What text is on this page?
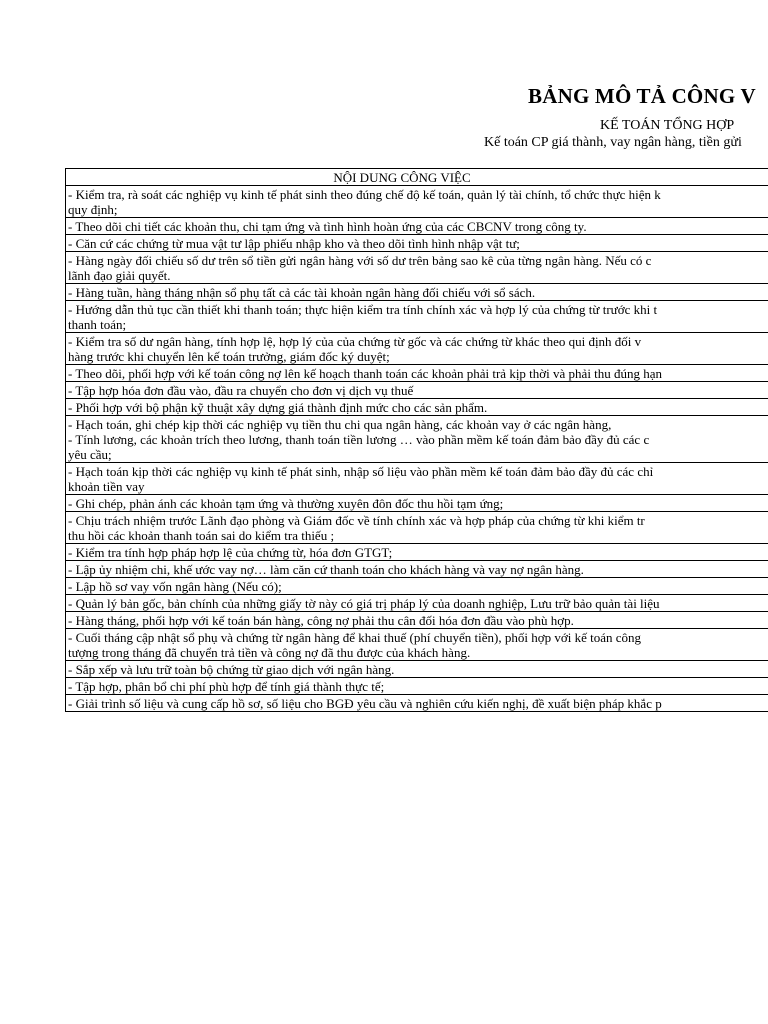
BẢNG MÔ TẢ CÔNG V
KẾ TOÁN TỔNG HỢP
Kế toán CP giá thành, vay ngân hàng, tiền gửi
NỘI DUNG CÔNG VIỆC
- Kiểm tra, rà soát các nghiệp vụ kinh tế phát sinh theo đúng chế độ kế toán, quản lý tài chính, tổ chức thực hiện k
quy định;
- Theo dõi chi tiết các khoản thu, chi tạm ứng và tình hình hoàn ứng của các CBCNV trong công ty.
- Căn cứ các chứng từ mua vật tư lập phiếu nhập kho và theo dõi tình hình nhập vật tư;
- Hàng ngày đối chiếu số dư trên sổ tiền gửi ngân hàng với số dư trên bảng sao kê của từng ngân hàng. Nếu có c
lãnh đạo giải quyết.
- Hàng tuần, hàng tháng nhận sổ phụ tất cả các tài khoản ngân hàng đối chiếu với sổ sách.
- Hướng dẫn thủ tục cần thiết khi thanh toán; thực hiện kiểm tra tính chính xác và hợp lý của chứng từ trước khi t
thanh toán;
- Kiểm tra số dư ngân hàng, tính hợp lệ, hợp lý của của chứng từ gốc và các chứng từ khác theo qui định đối v
hàng trước khi chuyển lên kế toán trưởng, giám đốc ký duyệt;
- Theo dõi, phối hợp với kế toán công nợ lên kế hoạch thanh toán các khoản phải trả kịp thời và phải thu đúng hạn
- Tập hợp hóa đơn đầu vào, đầu ra chuyển cho đơn vị dịch vụ thuế
- Phối hợp với bộ phận kỹ thuật xây dựng giá thành định mức cho các sản phẩm.
- Hạch toán, ghi chép kịp thời các nghiệp vụ tiền thu chi qua ngân hàng, các khoản vay ở các ngân hàng,
- Tính lương, các khoản trích theo lương, thanh toán tiền lương … vào phần mềm kế toán đảm bảo đầy đủ các c
yêu cầu;
- Hạch toán kịp thời các nghiệp vụ kinh tế phát sinh, nhập số liệu vào phần mềm kế toán đảm bảo đầy đủ các chỉ
khoản tiền vay
- Ghi chép, phản ánh các khoản tạm ứng và thường xuyên đôn đốc thu hồi tạm ứng;
- Chịu trách nhiệm trước Lãnh đạo phòng và Giám đốc về tính chính xác và hợp pháp của chứng từ khi kiểm tr
thu hồi các khoản thanh toán sai do kiểm tra thiếu ;
- Kiểm tra tính hợp pháp hợp lệ của chứng từ, hóa đơn GTGT;
- Lập ủy nhiệm chi, khế ước vay nợ… làm căn cứ thanh toán cho khách hàng và vay nợ ngân hàng.
- Lập hồ sơ vay vốn ngân hàng (Nếu có);
- Quản lý bản gốc, bản chính của những giấy tờ này có giá trị pháp lý của doanh nghiệp, Lưu trữ bảo quản tài liệu
- Hàng tháng, phối hợp với kế toán bán hàng, công nợ phải thu cân đối hóa đơn đầu vào phù hợp.
- Cuối tháng cập nhật sổ phụ và chứng từ ngân hàng để khai thuế (phí chuyển tiền), phối hợp với kế toán công
tượng trong tháng đã chuyển trả tiền và công nợ đã thu được của khách hàng.
- Sắp xếp và lưu trữ toàn bộ chứng từ giao dịch với ngân hàng.
- Tập hợp, phân bổ chi phí phù hợp để tính giá thành thực tế;
- Giải trình số liệu và cung cấp hồ sơ, số liệu cho BGĐ yêu cầu và nghiên cứu kiến nghị, đề xuất biện pháp khắc p
